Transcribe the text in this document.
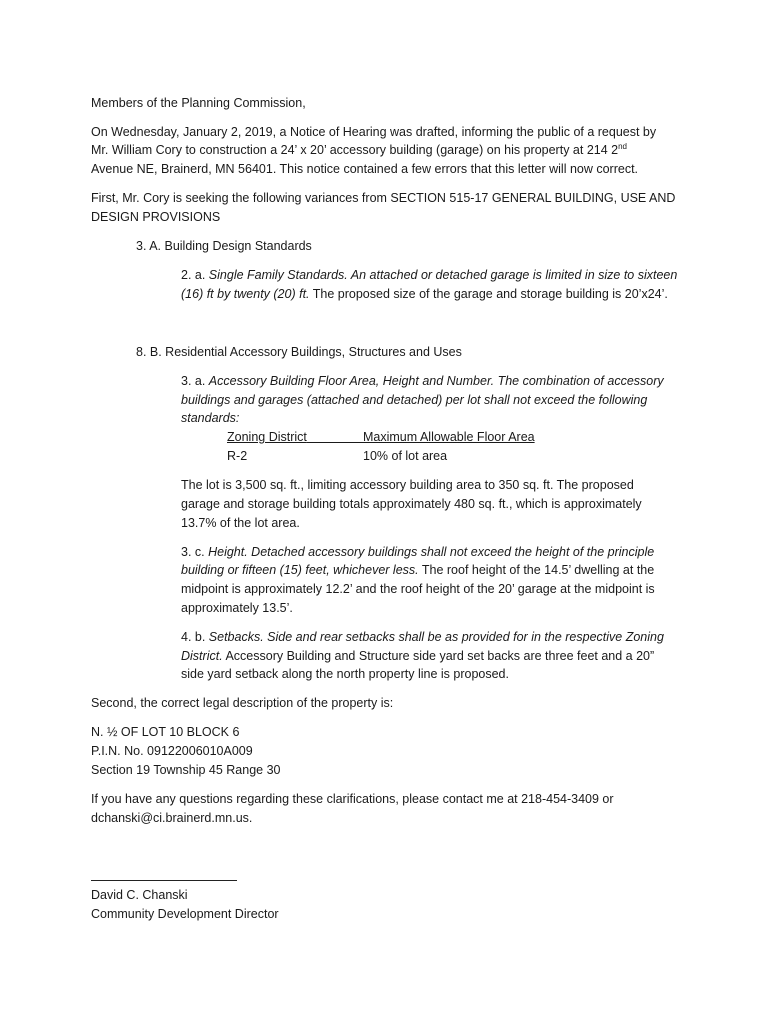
Members of the Planning Commission,
On Wednesday, January 2, 2019, a Notice of Hearing was drafted, informing the public of a request by
Mr. William Cory to construction a 24’ x 20’ accessory building (garage) on his property at 214 2nd
Avenue NE, Brainerd, MN 56401. This notice contained a few errors that this letter will now correct.
First, Mr. Cory is seeking the following variances from SECTION 515-17 GENERAL BUILDING, USE AND
DESIGN PROVISIONS
3. A. Building Design Standards
2. a. Single Family Standards. An attached or detached garage is limited in size to sixteen
(16) ft by twenty (20) ft. The proposed size of the garage and storage building is 20’x24’.
8. B. Residential Accessory Buildings, Structures and Uses
3. a. Accessory Building Floor Area, Height and Number. The combination of accessory
buildings and garages (attached and detached) per lot shall not exceed the following
standards:
Zoning District	Maximum Allowable Floor Area
R-2	10% of lot area
The lot is 3,500 sq. ft., limiting accessory building area to 350 sq. ft. The proposed
garage and storage building totals approximately 480 sq. ft., which is approximately
13.7% of the lot area.
3. c. Height. Detached accessory buildings shall not exceed the height of the principle
building or fifteen (15) feet, whichever less. The roof height of the 14.5’ dwelling at the
midpoint is approximately 12.2’ and the roof height of the 20’ garage at the midpoint is
approximately 13.5’.
4. b. Setbacks. Side and rear setbacks shall be as provided for in the respective Zoning
District. Accessory Building and Structure side yard set backs are three feet and a 20”
side yard setback along the north property line is proposed.
Second, the correct legal description of the property is:
N. ½ OF LOT 10 BLOCK 6
P.I.N. No. 09122006010A009
Section 19 Township 45 Range 30
If you have any questions regarding these clarifications, please contact me at 218-454-3409 or
dchanski@ci.brainerd.mn.us.
David C. Chanski
Community Development Director
